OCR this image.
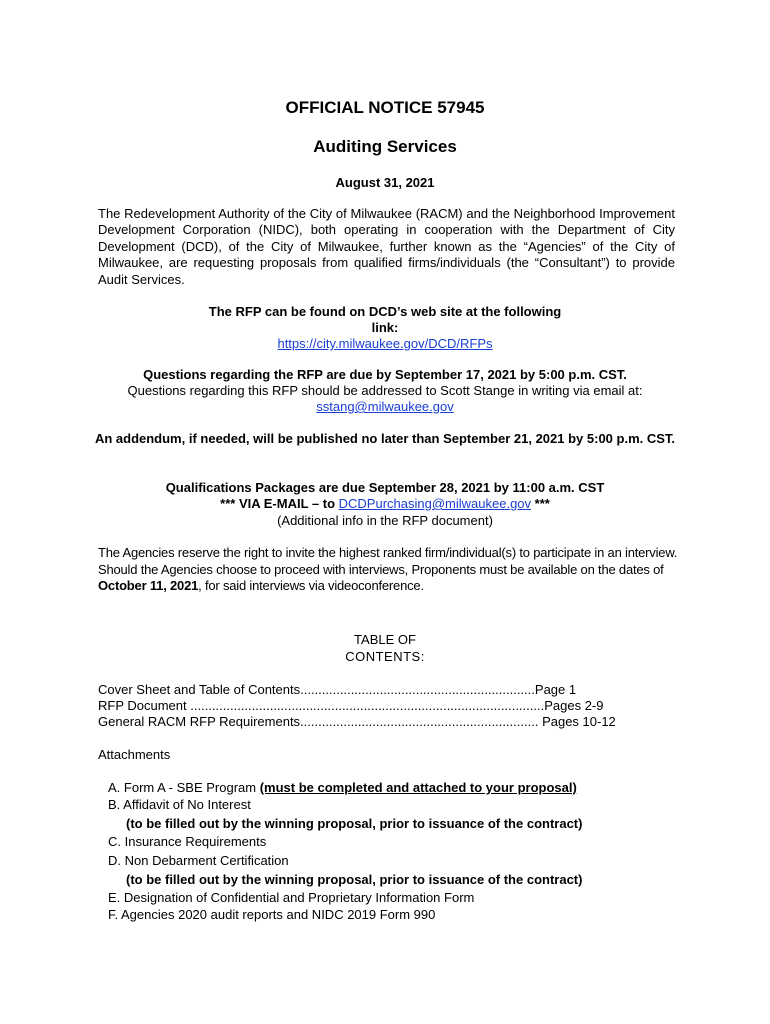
OFFICIAL NOTICE 57945
Auditing Services
August 31, 2021
The Redevelopment Authority of the City of Milwaukee (RACM) and the Neighborhood Improvement Development Corporation (NIDC), both operating in cooperation with the Department of City Development (DCD), of the City of Milwaukee, further known as the “Agencies” of the City of Milwaukee, are requesting proposals from qualified firms/individuals (the “Consultant”) to provide Audit Services.
The RFP can be found on DCD’s web site at the following
link:
https://city.milwaukee.gov/DCD/RFPs
Questions regarding the RFP are due by September 17, 2021 by 5:00 p.m. CST.
Questions regarding this RFP should be addressed to Scott Stange in writing via email at:
sstang@milwaukee.gov
An addendum, if needed, will be published no later than September 21, 2021 by 5:00 p.m. CST.
Qualifications Packages are due September 28, 2021 by 11:00 a.m. CST
*** VIA E-MAIL – to DCDPurchasing@milwaukee.gov ***
(Additional info in the RFP document)
The Agencies reserve the right to invite the highest ranked firm/individual(s) to participate in an interview. Should the Agencies choose to proceed with interviews, Proponents must be available on the dates of October 11, 2021, for said interviews via videoconference.
TABLE OF
CONTENTS:
Cover Sheet and Table of Contents.................................................................Page 1
RFP Document ..................................................................................................Pages 2-9
General RACM RFP Requirements.................................................................. Pages 10-12
Attachments
A. Form A - SBE Program (must be completed and attached to your proposal)
B. Affidavit of No Interest
(to be filled out by the winning proposal, prior to issuance of the contract)
C. Insurance Requirements
D. Non Debarment Certification
(to be filled out by the winning proposal, prior to issuance of the contract)
E. Designation of Confidential and Proprietary Information Form
F. Agencies 2020 audit reports and NIDC 2019 Form 990
